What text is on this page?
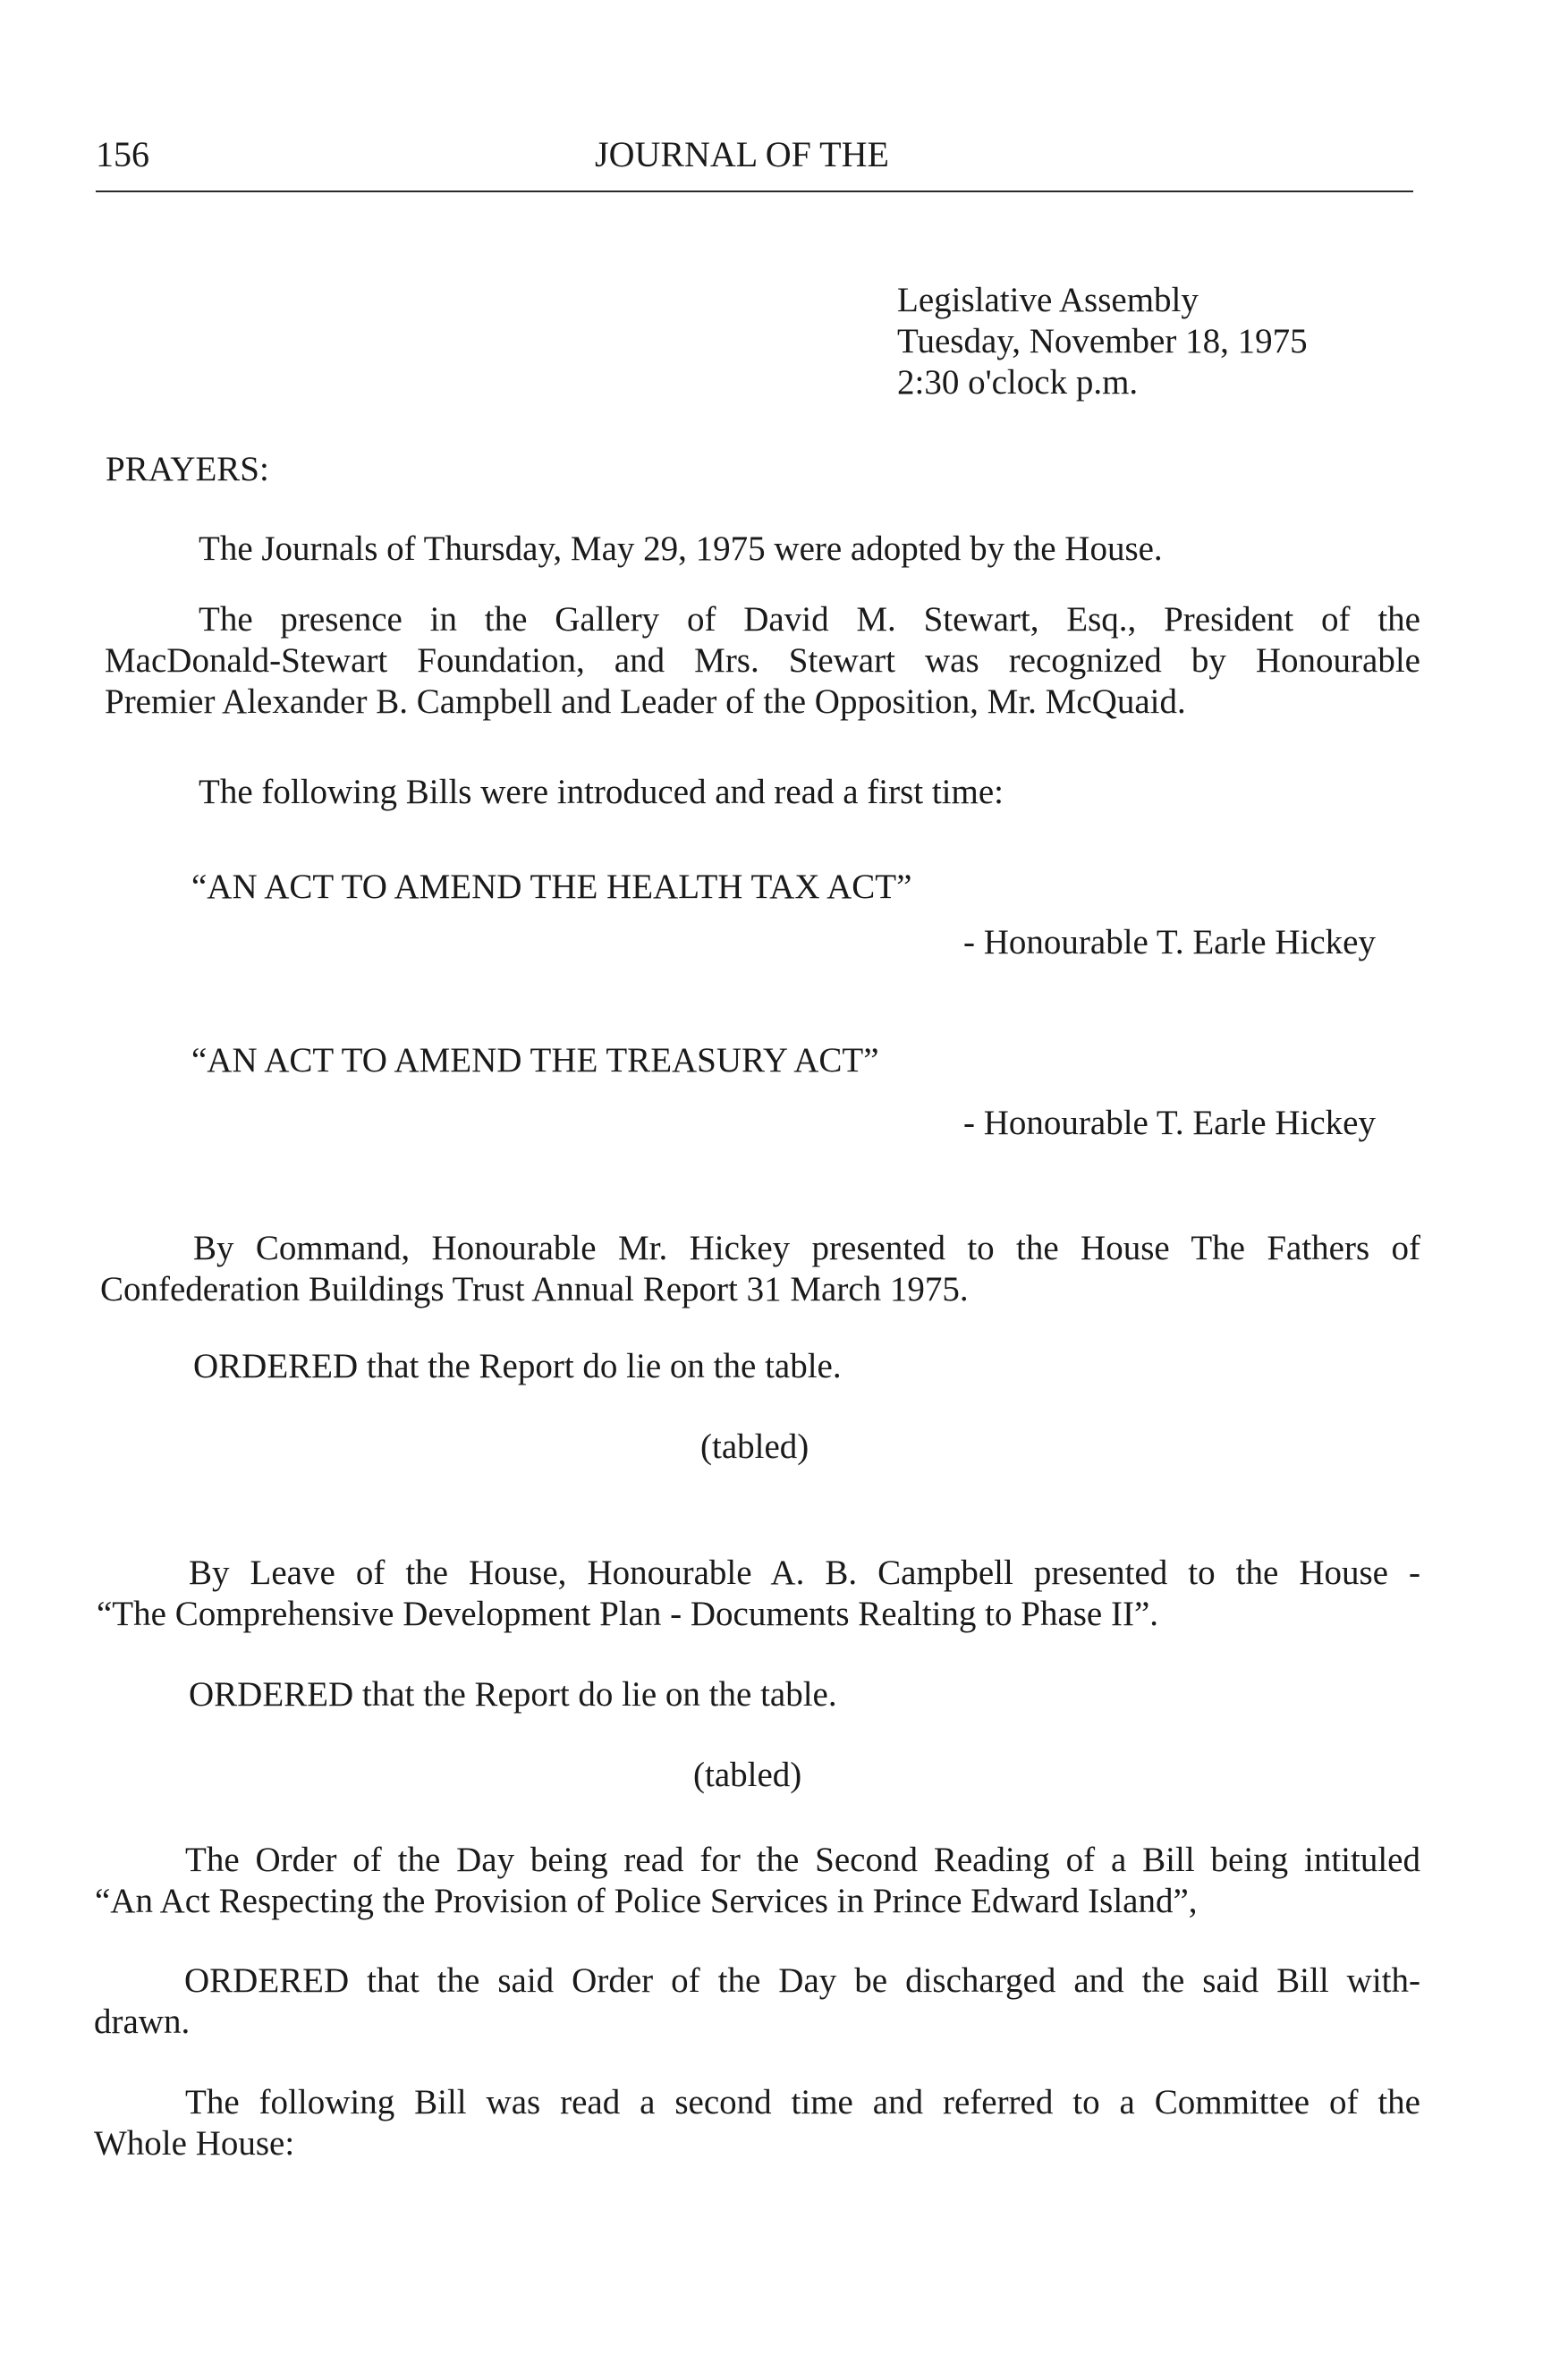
156	JOURNAL OF THE
Legislative Assembly
Tuesday, November 18, 1975
2:30 o'clock p.m.
PRAYERS:
The Journals of Thursday, May 29, 1975 were adopted by the House.
The presence in the Gallery of David M. Stewart, Esq., President of the
MacDonald-Stewart Foundation, and Mrs. Stewart was recognized by Honourable
Premier Alexander B. Campbell and Leader of the Opposition, Mr. McQuaid.
The following Bills were introduced and read a first time:
“AN ACT TO AMEND THE HEALTH TAX ACT”
- Honourable T. Earle Hickey
“AN ACT TO AMEND THE TREASURY ACT”
- Honourable T. Earle Hickey
By Command, Honourable Mr. Hickey presented to the House The Fathers of
Confederation Buildings Trust Annual Report 31 March 1975.
ORDERED that the Report do lie on the table.
(tabled)
By Leave of the House, Honourable A. B. Campbell presented to the House -
“The Comprehensive Development Plan - Documents Realting to Phase II”.
ORDERED that the Report do lie on the table.
(tabled)
The Order of the Day being read for the Second Reading of a Bill being intituled
“An Act Respecting the Provision of Police Services in Prince Edward Island”,
ORDERED that the said Order of the Day be discharged and the said Bill with-
drawn.
The following Bill was read a second time and referred to a Committee of the
Whole House:
